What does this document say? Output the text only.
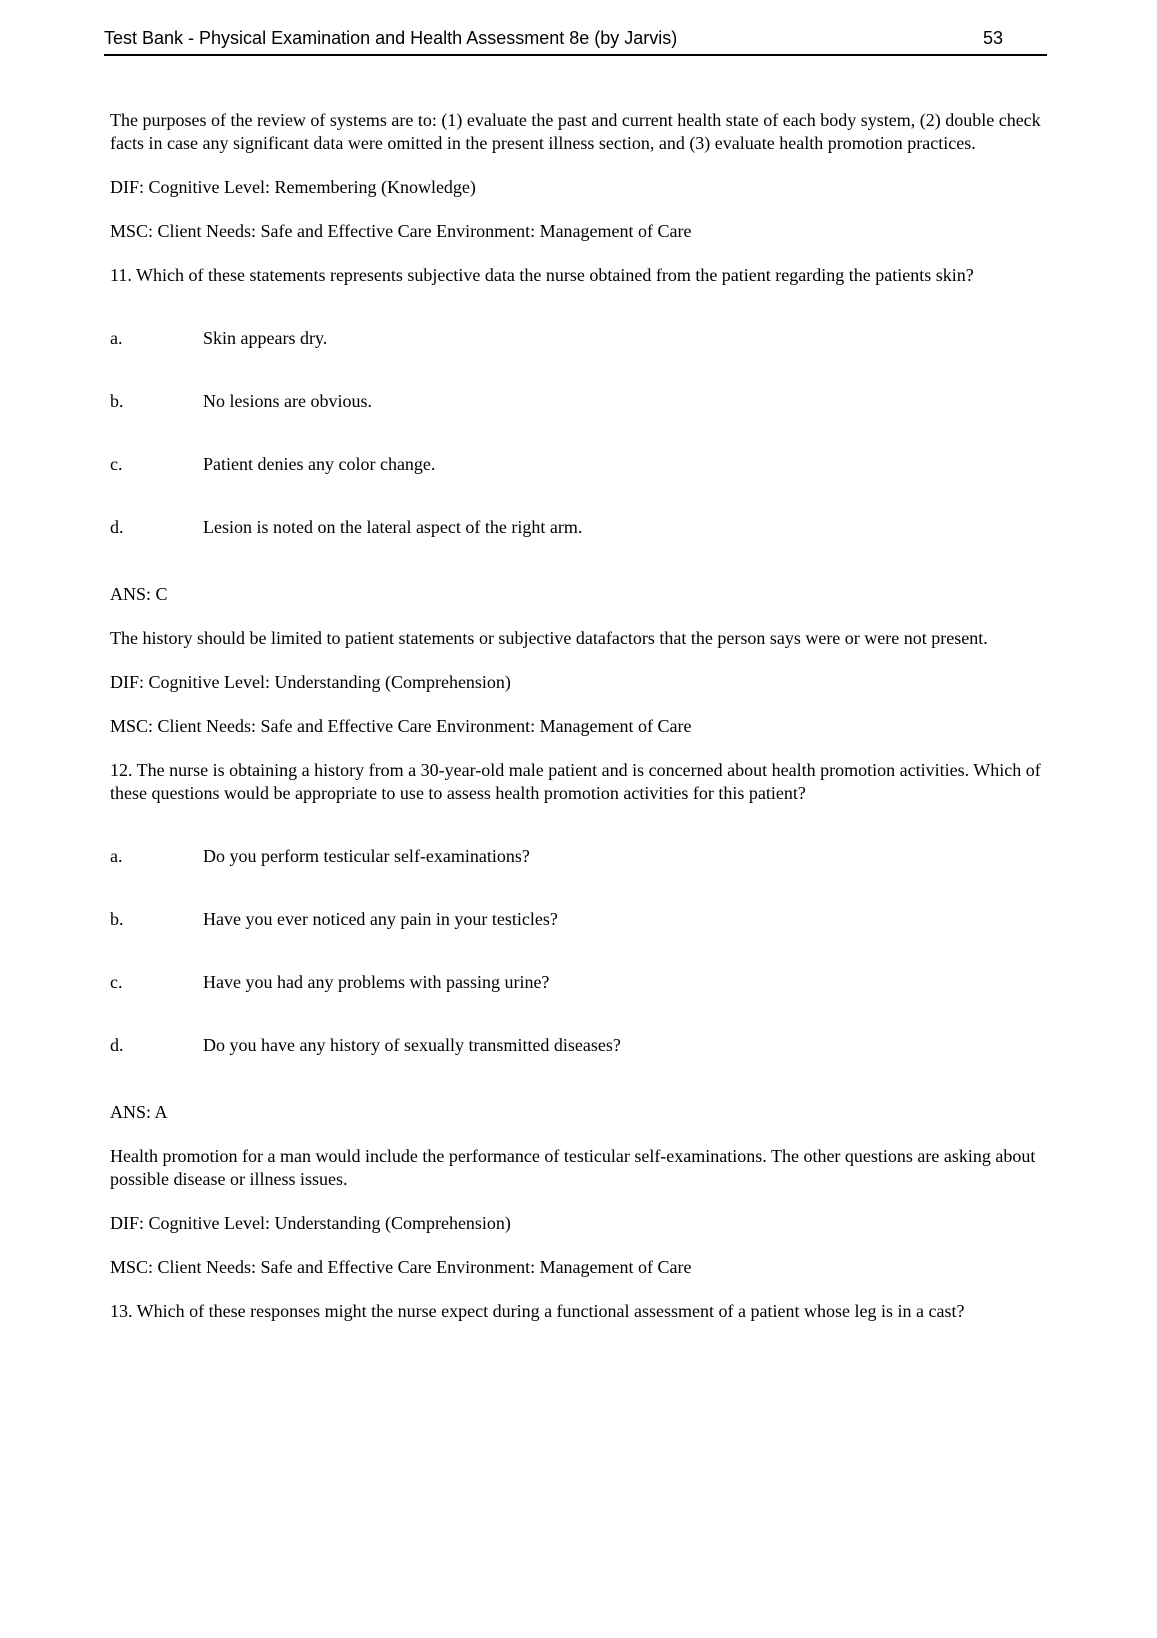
Test Bank - Physical Examination and Health Assessment 8e (by Jarvis)	53

The purposes of the review of systems are to: (1) evaluate the past and current health state of each body system, (2) double check facts in case any significant data were omitted in the present illness section, and (3) evaluate health promotion practices.

DIF: Cognitive Level: Remembering (Knowledge)

MSC: Client Needs: Safe and Effective Care Environment: Management of Care

11. Which of these statements represents subjective data the nurse obtained from the patient regarding the patients skin?

a.	Skin appears dry.
b.	No lesions are obvious.
c.	Patient denies any color change.
d.	Lesion is noted on the lateral aspect of the right arm.

ANS: C

The history should be limited to patient statements or subjective datafactors that the person says were or were not present.

DIF: Cognitive Level: Understanding (Comprehension)

MSC: Client Needs: Safe and Effective Care Environment: Management of Care

12. The nurse is obtaining a history from a 30-year-old male patient and is concerned about health promotion activities. Which of these questions would be appropriate to use to assess health promotion activities for this patient?

a.	Do you perform testicular self-examinations?
b.	Have you ever noticed any pain in your testicles?
c.	Have you had any problems with passing urine?
d.	Do you have any history of sexually transmitted diseases?

ANS: A

Health promotion for a man would include the performance of testicular self-examinations. The other questions are asking about possible disease or illness issues.

DIF: Cognitive Level: Understanding (Comprehension)

MSC: Client Needs: Safe and Effective Care Environment: Management of Care

13. Which of these responses might the nurse expect during a functional assessment of a patient whose leg is in a cast?
